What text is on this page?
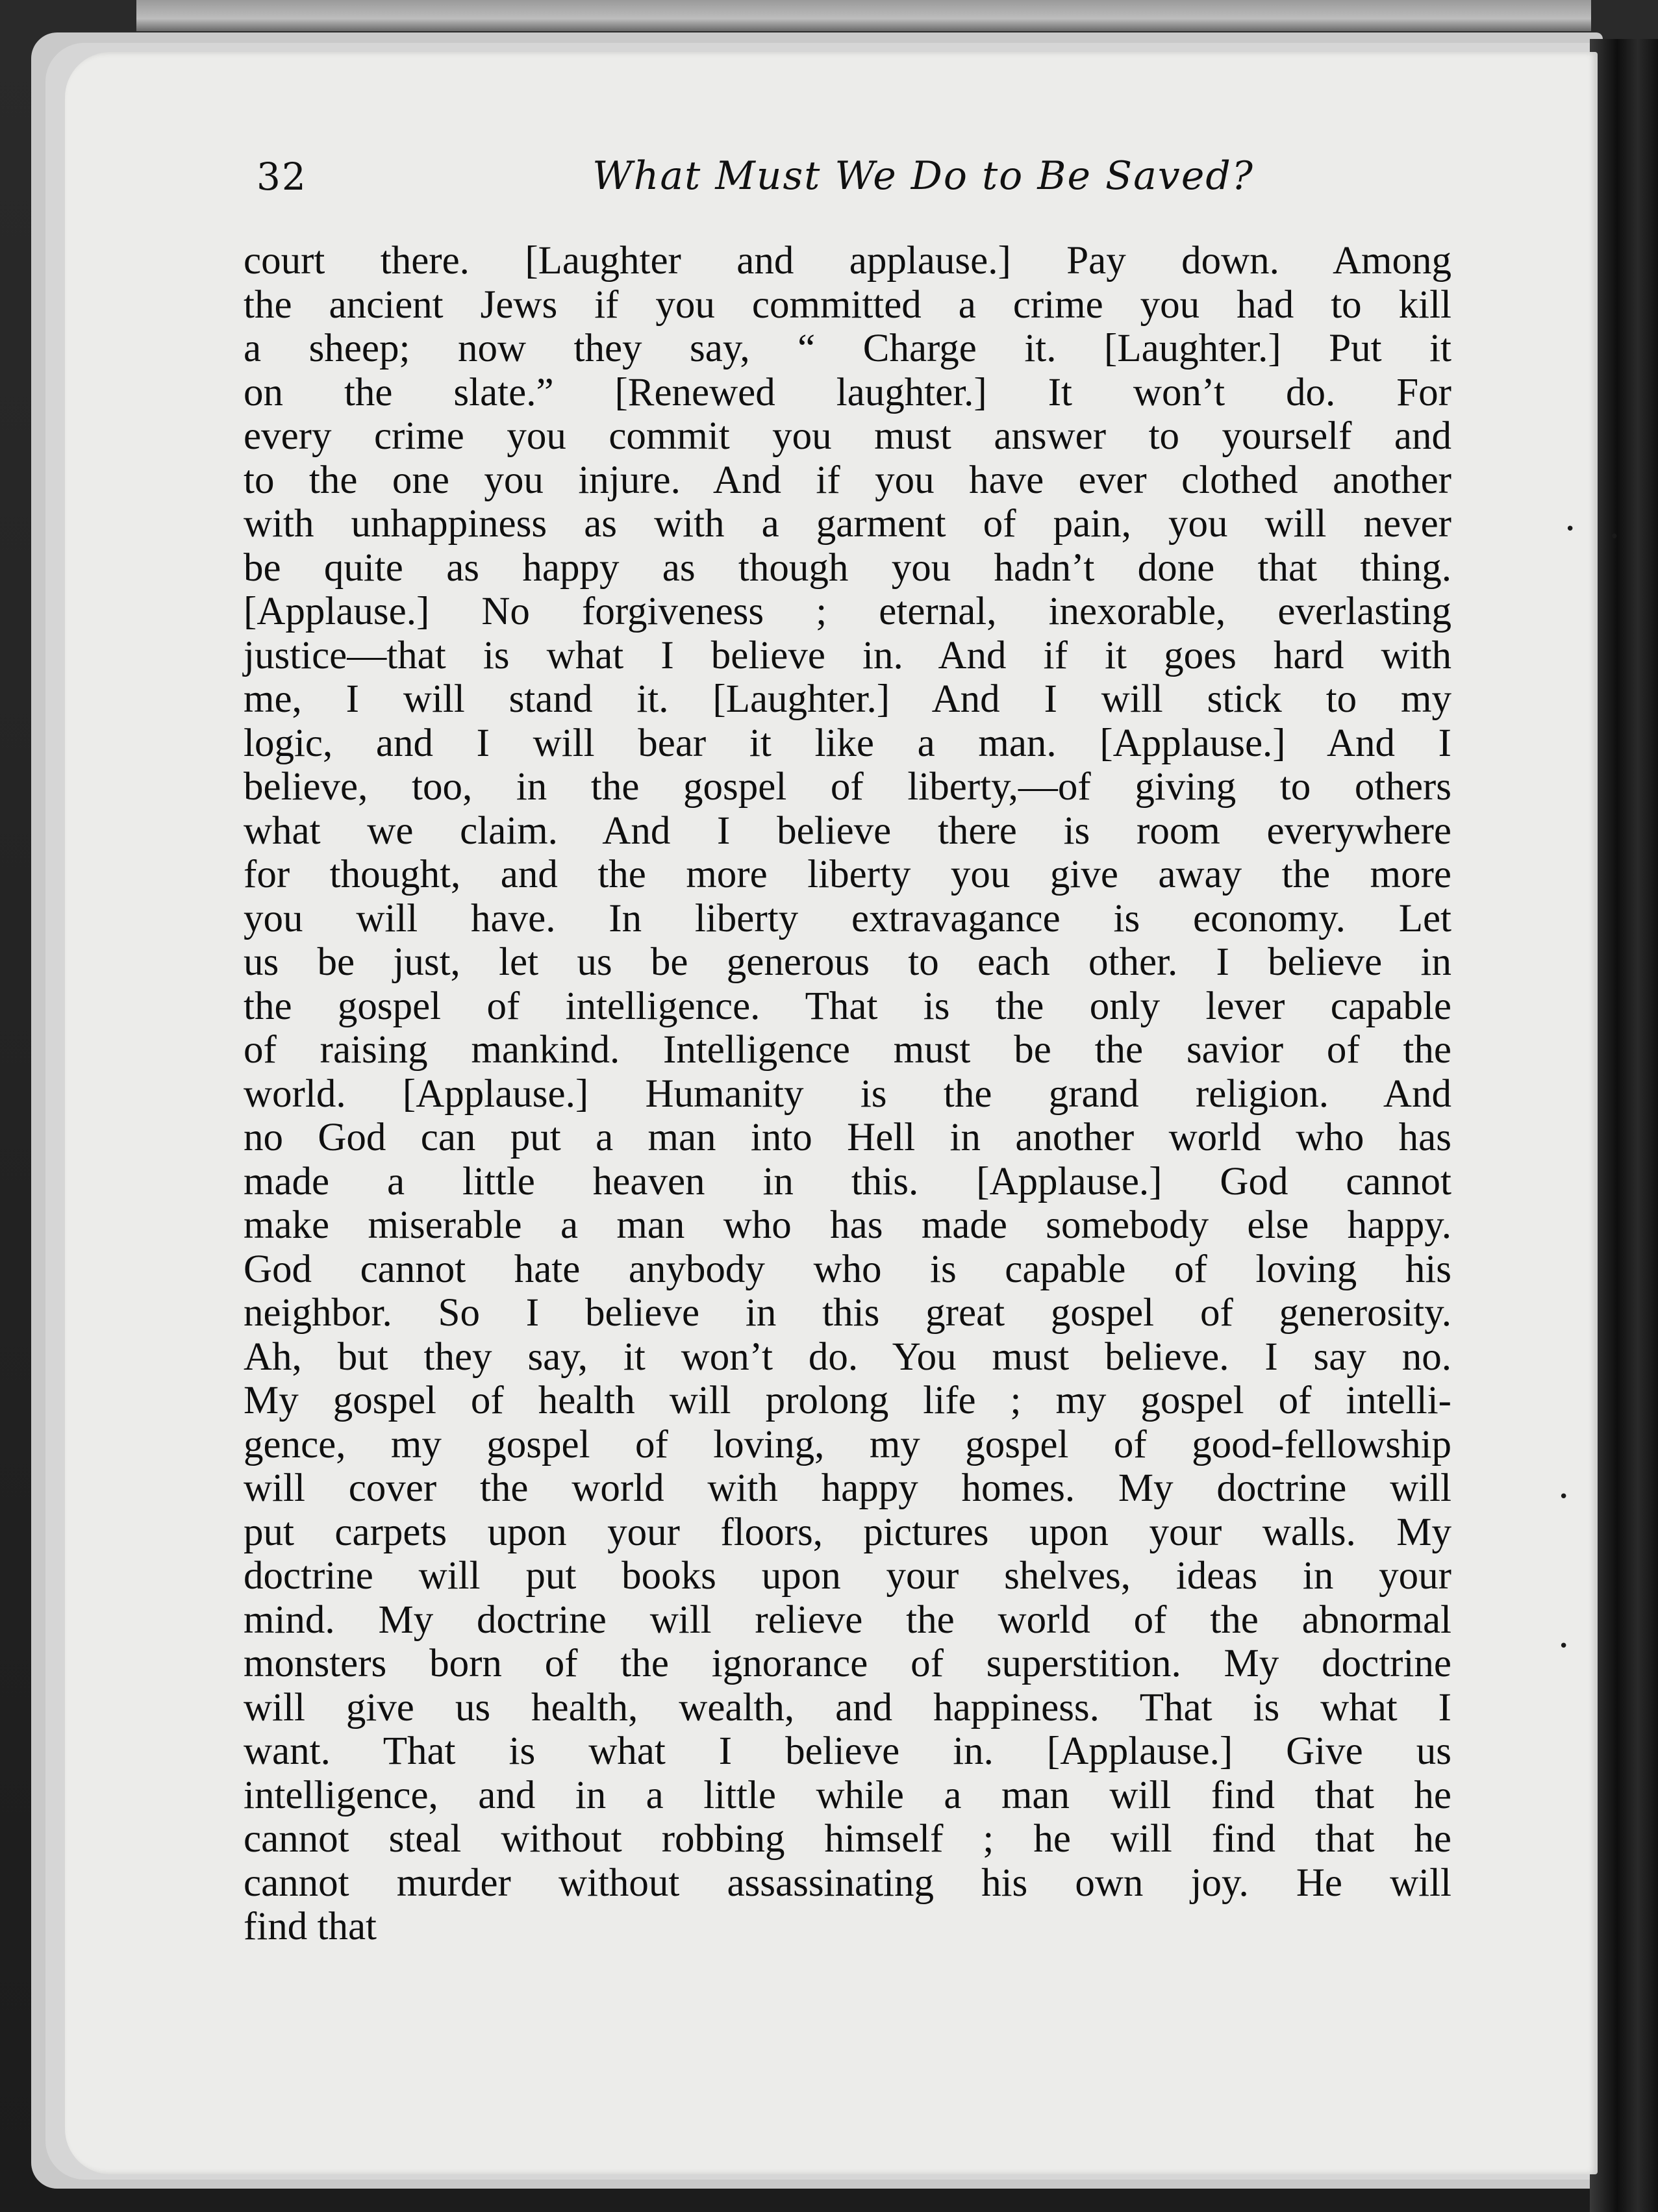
• •
•
•
32	What Must We Do to Be Saved?
court there. [Laughter and applause.] Pay down. Among
the ancient Jews if you committed a crime you had to kill
a sheep; now they say, “ Charge it. [Laughter.] Put it
on the slate.” [Renewed laughter.] It won’t do. For
every crime you commit you must answer to yourself and
to the one you injure. And if you have ever clothed another
with unhappiness as with a garment of pain, you will never
be quite as happy as though you hadn’t done that thing.
[Applause.] No forgiveness ; eternal, inexorable, everlasting
justice—that is what I believe in. And if it goes hard with
me, I will stand it. [Laughter.] And I will stick to my
logic, and I will bear it like a man. [Applause.] And I
believe, too, in the gospel of liberty,—of giving to others
what we claim. And I believe there is room everywhere
for thought, and the more liberty you give away the more
you will have. In liberty extravagance is economy. Let
us be just, let us be generous to each other. I believe in
the gospel of intelligence. That is the only lever capable
of raising mankind. Intelligence must be the savior of the
world. [Applause.] Humanity is the grand religion. And
no God can put a man into Hell in another world who has
made a little heaven in this. [Applause.] God cannot
make miserable a man who has made somebody else happy.
God cannot hate anybody who is capable of loving his
neighbor. So I believe in this great gospel of generosity.
Ah, but they say, it won’t do. You must believe. I say no.
My gospel of health will prolong life ; my gospel of intelli-
gence, my gospel of loving, my gospel of good-fellowship
will cover the world with happy homes. My doctrine will
put carpets upon your floors, pictures upon your walls. My
doctrine will put books upon your shelves, ideas in your
mind. My doctrine will relieve the world of the abnormal
monsters born of the ignorance of superstition. My doctrine
will give us health, wealth, and happiness. That is what I
want. That is what I believe in. [Applause.] Give us
intelligence, and in a little while a man will find that he
cannot steal without robbing himself ; he will find that he
cannot murder without assassinating his own joy. He will
find that
